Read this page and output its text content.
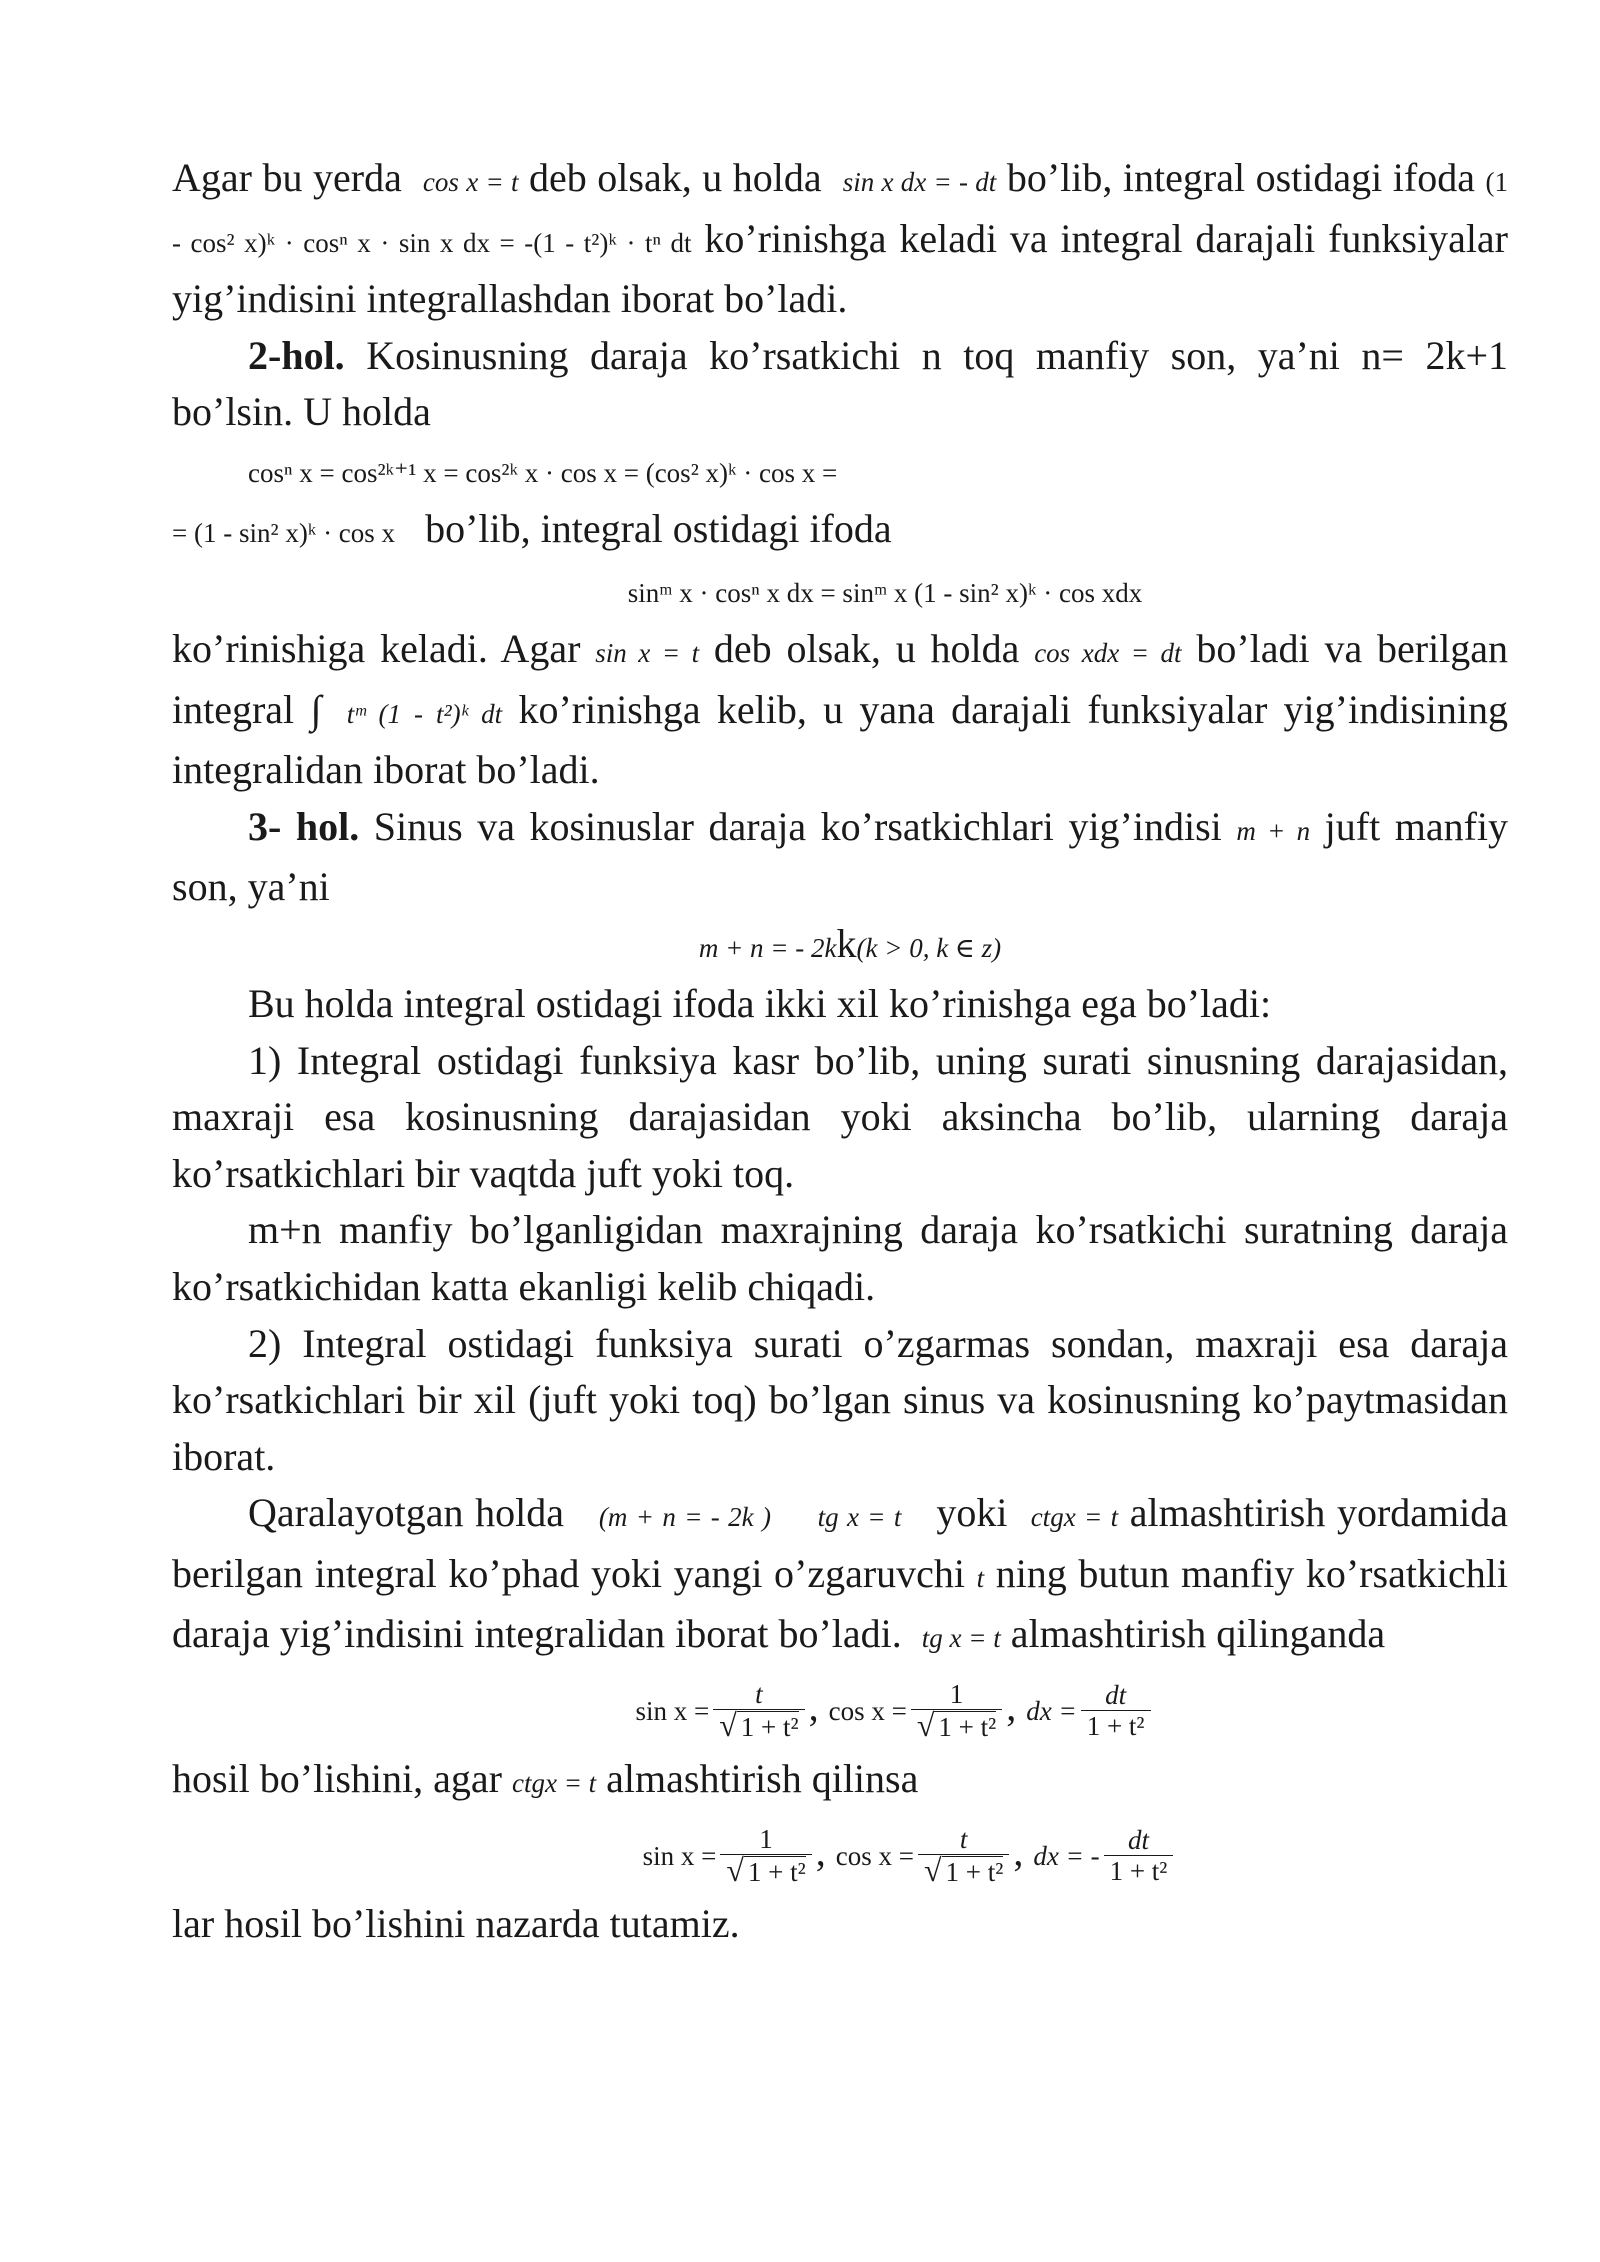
Agar bu yerda cos x = t deb olsak, u holda sin x dx = - dt bo’lib, integral ostidagi ifoda (1 - cos² x)ᵏ · cosⁿ x · sin x dx = -(1 - t²)ᵏ · tⁿ dt ko’rinishga keladi va integral darajali funksiyalar yig’indisini integrallashdan iborat bo’ladi.

2-hol. Kosinusning daraja ko’rsatkichi n toq manfiy son, ya’ni n= 2k+1 bo’lsin. U holda

cosⁿ x = cos²ᵏ⁺¹ x = cos²ᵏ x · cos x = (cos² x)ᵏ · cos x =

= (1 - sin² x)ᵏ · cos x bo’lib, integral ostidagi ifoda

sinᵐ x · cosⁿ x dx = sinᵐ x (1 - sin² x)ᵏ · cos xdx

ko’rinishiga keladi. Agar sin x = t deb olsak, u holda cos xdx = dt bo’ladi va berilgan integral ∫ tᵐ (1 - t²)ᵏ dt ko’rinishga kelib, u yana darajali funksiyalar yig’indisining integralidan iborat bo’ladi.

3- hol. Sinus va kosinuslar daraja ko’rsatkichlari yig’indisi m + n juft manfiy son, ya’ni

m + n = - 2kk(k > 0, k ∈ z)

Bu holda integral ostidagi ifoda ikki xil ko’rinishga ega bo’ladi:

1) Integral ostidagi funksiya kasr bo’lib, uning surati sinusning darajasidan, maxraji esa kosinusning darajasidan yoki aksincha bo’lib, ularning daraja ko’rsatkichlari bir vaqtda juft yoki toq.

m+n manfiy bo’lganligidan maxrajning daraja ko’rsatkichi suratning daraja ko’rsatkichidan katta ekanligi kelib chiqadi.

2) Integral ostidagi funksiya surati o’zgarmas sondan, maxraji esa daraja ko’rsatkichlari bir xil (juft yoki toq) bo’lgan sinus va kosinusning ko’paytmasidan iborat.

Qaralayotgan holda (m + n = - 2k ) tg x = t yoki ctgx = t almashtirish yordamida berilgan integral ko’phad yoki yangi o’zgaruvchi t ning butun manfiy ko’rsatkichli daraja yig’indisini integralidan iborat bo’ladi. tg x = t almashtirish qilinganda

$\sin x = \frac{t}{\text{√ 1 + t²}}$ , $\cos x = \frac{1}{\text{√ 1 + t²}}$ , dx = $\frac{dt}{\text{1 + t²}}$

hosil bo’lishini, agar ctgx = t almashtirish qilinsa

$\sin x = \frac{1}{\text{√ 1 + t²}}$ , $\cos x = \frac{t}{\text{√ 1 + t²}}$ , dx = - $\frac{dt}{\text{1 + t²}}$

lar hosil bo’lishini nazarda tutamiz.
